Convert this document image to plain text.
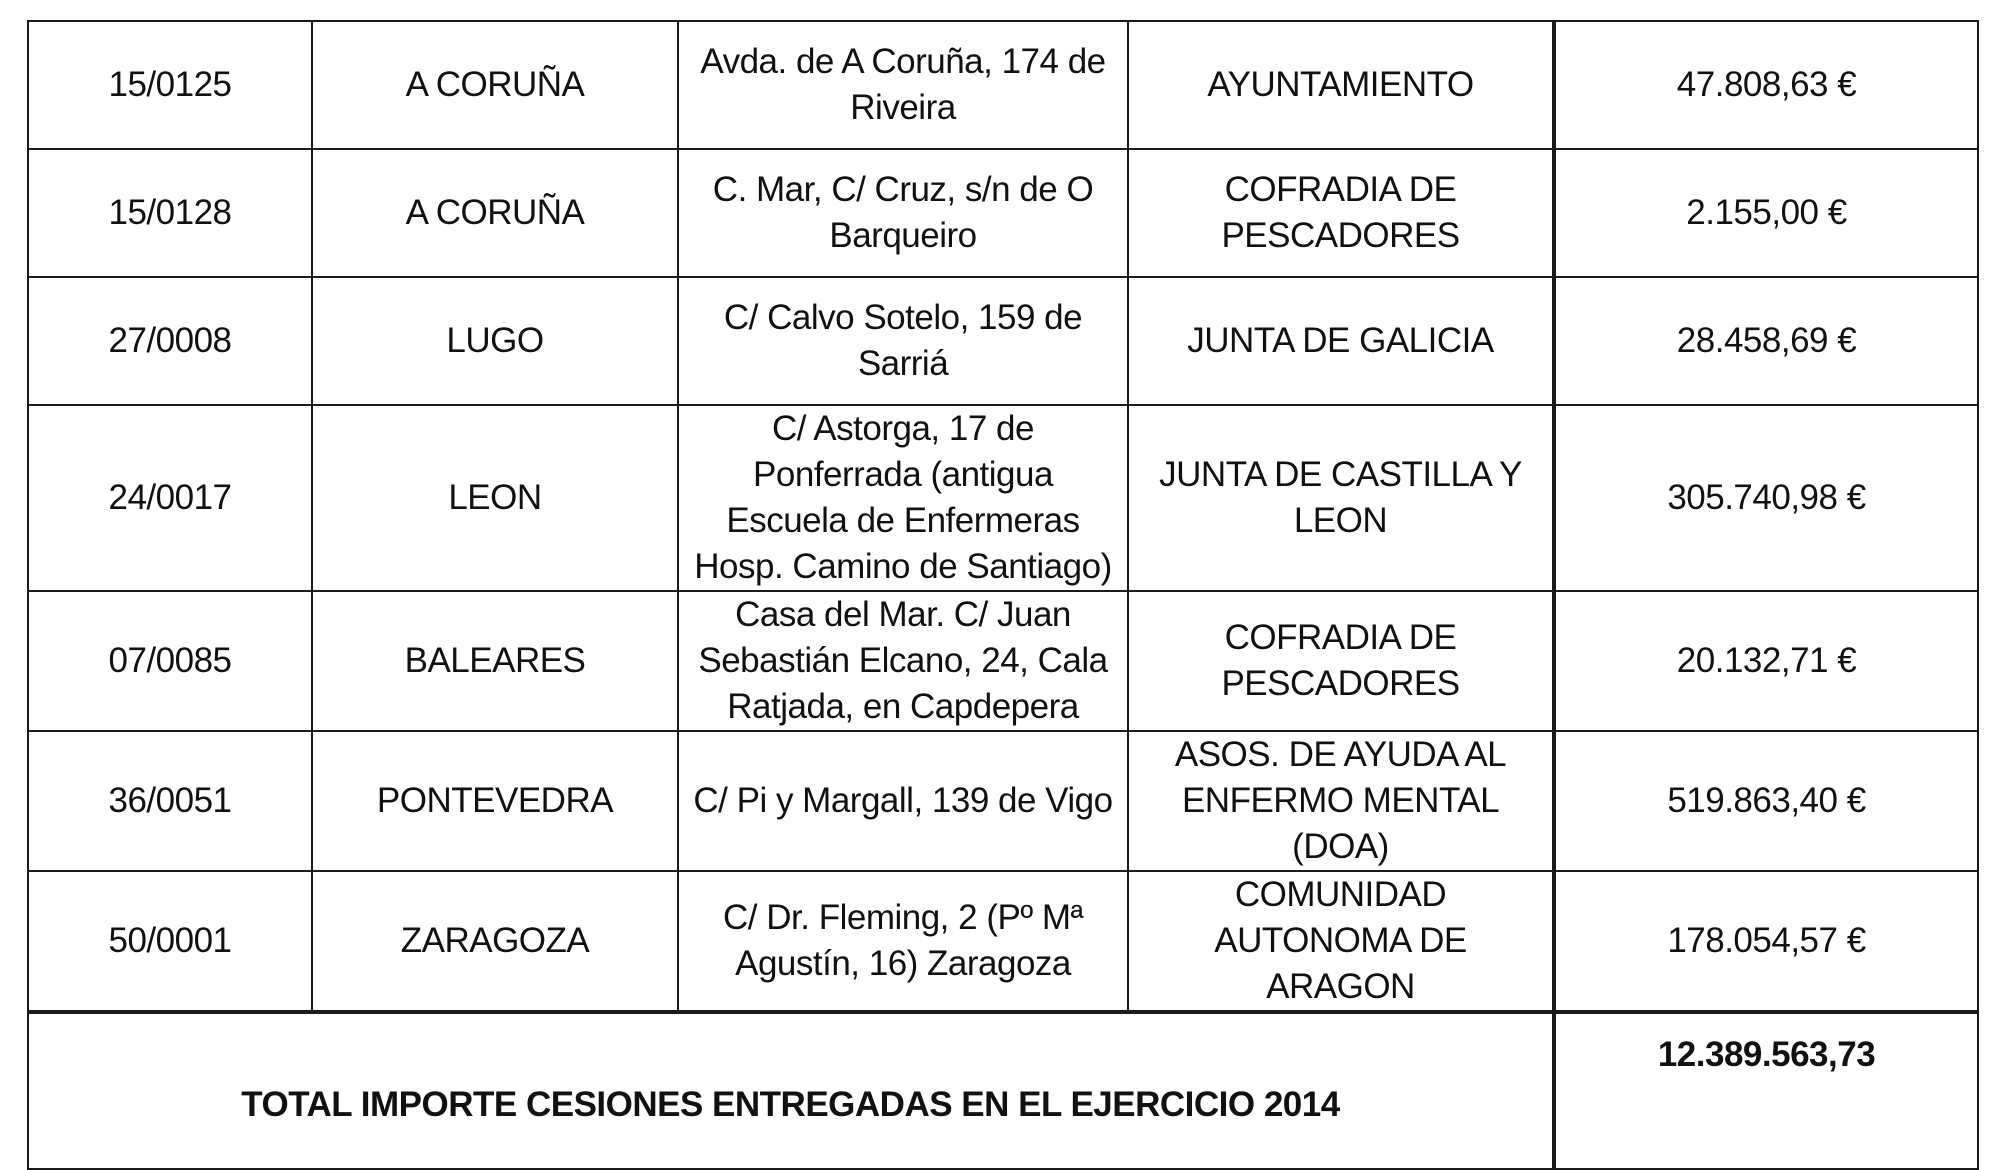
15/0125	A CORUÑA	Avda. de A Coruña, 174 de Riveira	AYUNTAMIENTO	47.808,63 €
15/0128	A CORUÑA	C. Mar, C/ Cruz, s/n de O Barqueiro	COFRADIA DE PESCADORES	2.155,00 €
27/0008	LUGO	C/ Calvo Sotelo, 159 de Sarriá	JUNTA DE GALICIA	28.458,69 €
24/0017	LEON	C/ Astorga, 17 de Ponferrada (antigua Escuela de Enfermeras Hosp. Camino de Santiago)	JUNTA DE CASTILLA Y LEON	305.740,98 €
07/0085	BALEARES	Casa del Mar. C/ Juan Sebastián Elcano, 24, Cala Ratjada, en Capdepera	COFRADIA DE PESCADORES	20.132,71 €
36/0051	PONTEVEDRA	C/ Pi y Margall, 139 de Vigo	ASOS. DE AYUDA AL ENFERMO MENTAL (DOA)	519.863,40 €
50/0001	ZARAGOZA	C/ Dr. Fleming, 2 (Pº Mª Agustín, 16) Zaragoza	COMUNIDAD AUTONOMA DE ARAGON	178.054,57 €
TOTAL IMPORTE CESIONES ENTREGADAS EN EL EJERCICIO 2014				12.389.563,73
